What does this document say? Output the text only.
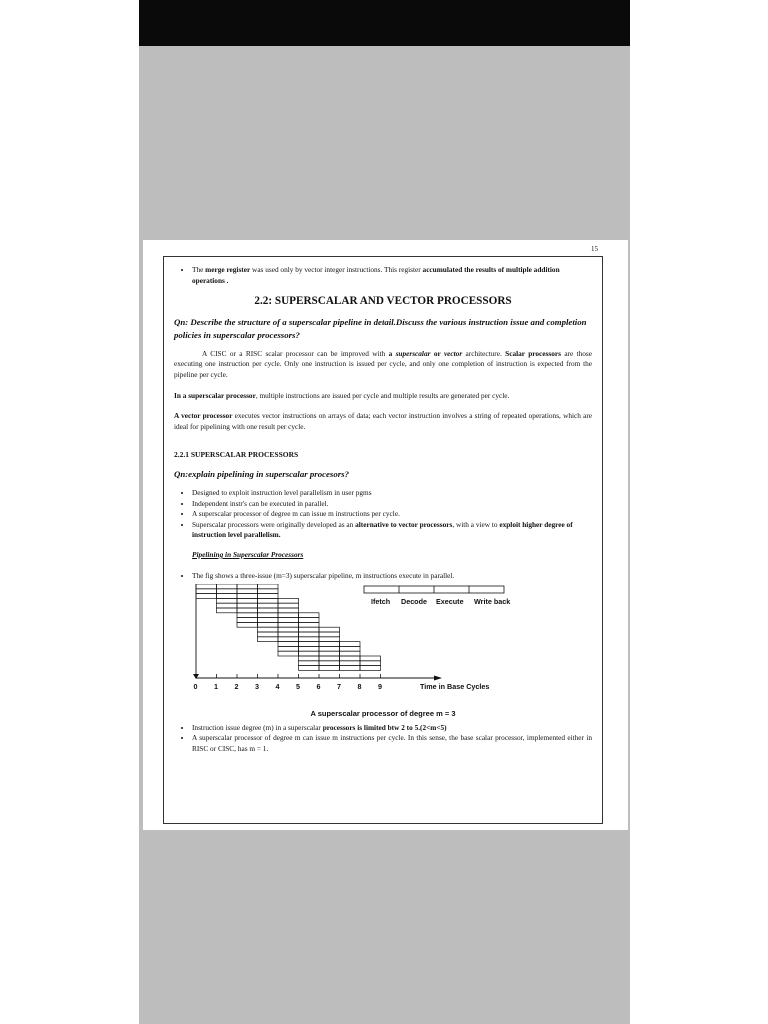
15
• The merge register was used only by vector integer instructions. This register accumulated the results of multiple addition operations .
2.2: SUPERSCALAR AND VECTOR PROCESSORS
Qn: Describe the structure of a superscalar pipeline in detail.Discuss the various instruction issue and completion policies in superscalar processors?

A CISC or a RISC scalar processor can be improved with a superscalar or vector architecture. Scalar processors are those executing one instruction per cycle. Only one instruction is issued per cycle, and only one completion of instruction is expected from the pipeline per cycle.

In a superscalar processor, multiple instructions are issued per cycle and multiple results are generated per cycle.

A vector processor executes vector instructions on arrays of data; each vector instruction involves a string of repeated operations, which are ideal for pipelining with one result per cycle.

2.2.1 SUPERSCALAR PROCESSORS
Qn:explain pipelining in superscalar procesors?
• Designed to exploit instruction level parallelism in user pgms
• Independent instr's can be executed in parallel.
• A superscalar processor of degree m can issue m instructions per cycle.
• Superscalar processors were originally developed as an alternative to vector processors, with a view to exploit higher degree of instruction level parallelism.
Pipelining in Superscalar Processors
• The fig shows a three-issue (m=3) superscalar pipeline, m instructions execute in parallel.
Ifetch Decode Execute Write back
0 1 2 3 4 5 6 7 8 9	Time in Base Cycles
A superscalar processor of degree m = 3
• Instruction issue degree (m) in a superscalar processors is limited btw 2 to 5.(2<m<5)
• A superscalar processor of degree m can issue m instructions per cycle. In this sense, the base scalar processor, implemented either in RISC or CISC, has m = 1.
